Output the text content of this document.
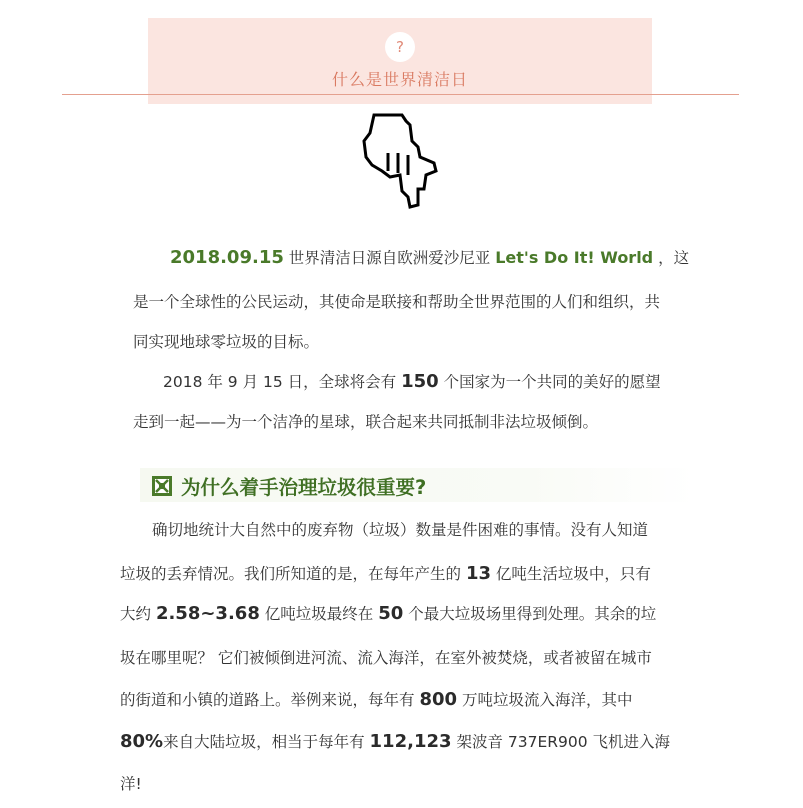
?
什么是世界清洁日
2018.09.15 世界清洁日源自欧洲爱沙尼亚 Let's Do It! World ，这
是一个全球性的公民运动，其使命是联接和帮助全世界范围的人们和组织，共
同实现地球零垃圾的目标。
2018 年 9 月 15 日，全球将会有 150 个国家为一个共同的美好的愿望
走到一起——为一个洁净的星球，联合起来共同抵制非法垃圾倾倒。
为什么着手治理垃圾很重要?
确切地统计大自然中的废弃物（垃圾）数量是件困难的事情。没有人知道
垃圾的丢弃情况。我们所知道的是，在每年产生的 13 亿吨生活垃圾中，只有
大约 2.58~3.68 亿吨垃圾最终在 50 个最大垃圾场里得到处理。其余的垃
圾在哪里呢？ 它们被倾倒进河流、流入海洋，在室外被焚烧，或者被留在城市
的街道和小镇的道路上。举例来说，每年有 800 万吨垃圾流入海洋，其中
80%来自大陆垃圾，相当于每年有 112,123 架波音 737ER900 飞机进入海
洋!
